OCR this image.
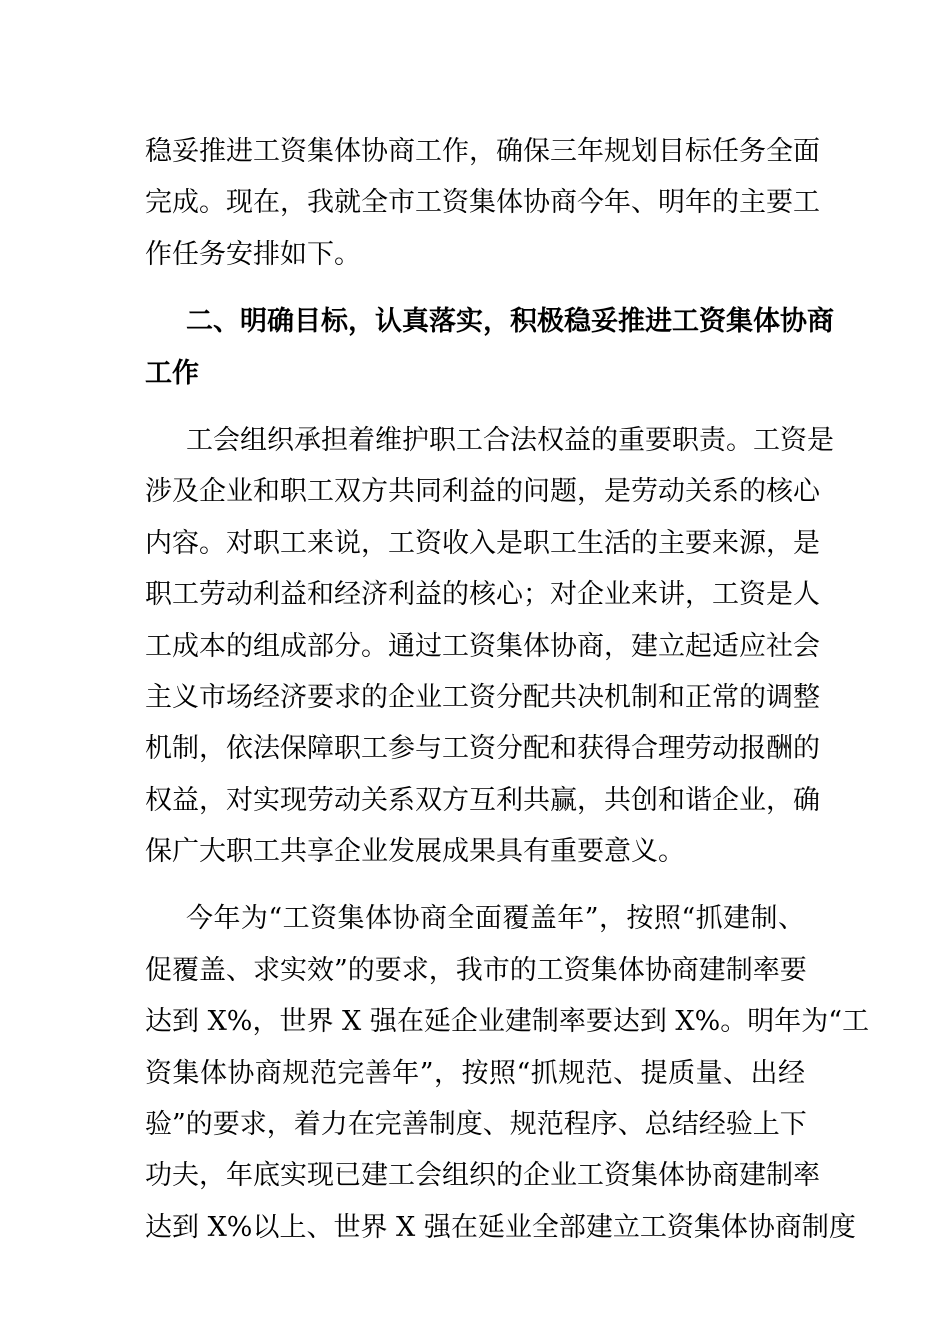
稳妥推进工资集体协商工作，确保三年规划目标任务全面
完成。现在，我就全市工资集体协商今年、明年的主要工
作任务安排如下。
二、明确目标，认真落实，积极稳妥推进工资集体协商
工作
工会组织承担着维护职工合法权益的重要职责。工资是
涉及企业和职工双方共同利益的问题，是劳动关系的核心
内容。对职工来说，工资收入是职工生活的主要来源，是
职工劳动利益和经济利益的核心；对企业来讲，工资是人
工成本的组成部分。通过工资集体协商，建立起适应社会
主义市场经济要求的企业工资分配共决机制和正常的调整
机制，依法保障职工参与工资分配和获得合理劳动报酬的
权益，对实现劳动关系双方互利共赢，共创和谐企业，确
保广大职工共享企业发展成果具有重要意义。
今年为“工资集体协商全面覆盖年”，按照“抓建制、
促覆盖、求实效”的要求，我市的工资集体协商建制率要
达到 X%，世界 X 强在延企业建制率要达到 X%。明年为“工
资集体协商规范完善年”，按照“抓规范、提质量、出经
验”的要求，着力在完善制度、规范程序、总结经验上下
功夫，年底实现已建工会组织的企业工资集体协商建制率
达到 X%以上、世界 X 强在延业全部建立工资集体协商制度
